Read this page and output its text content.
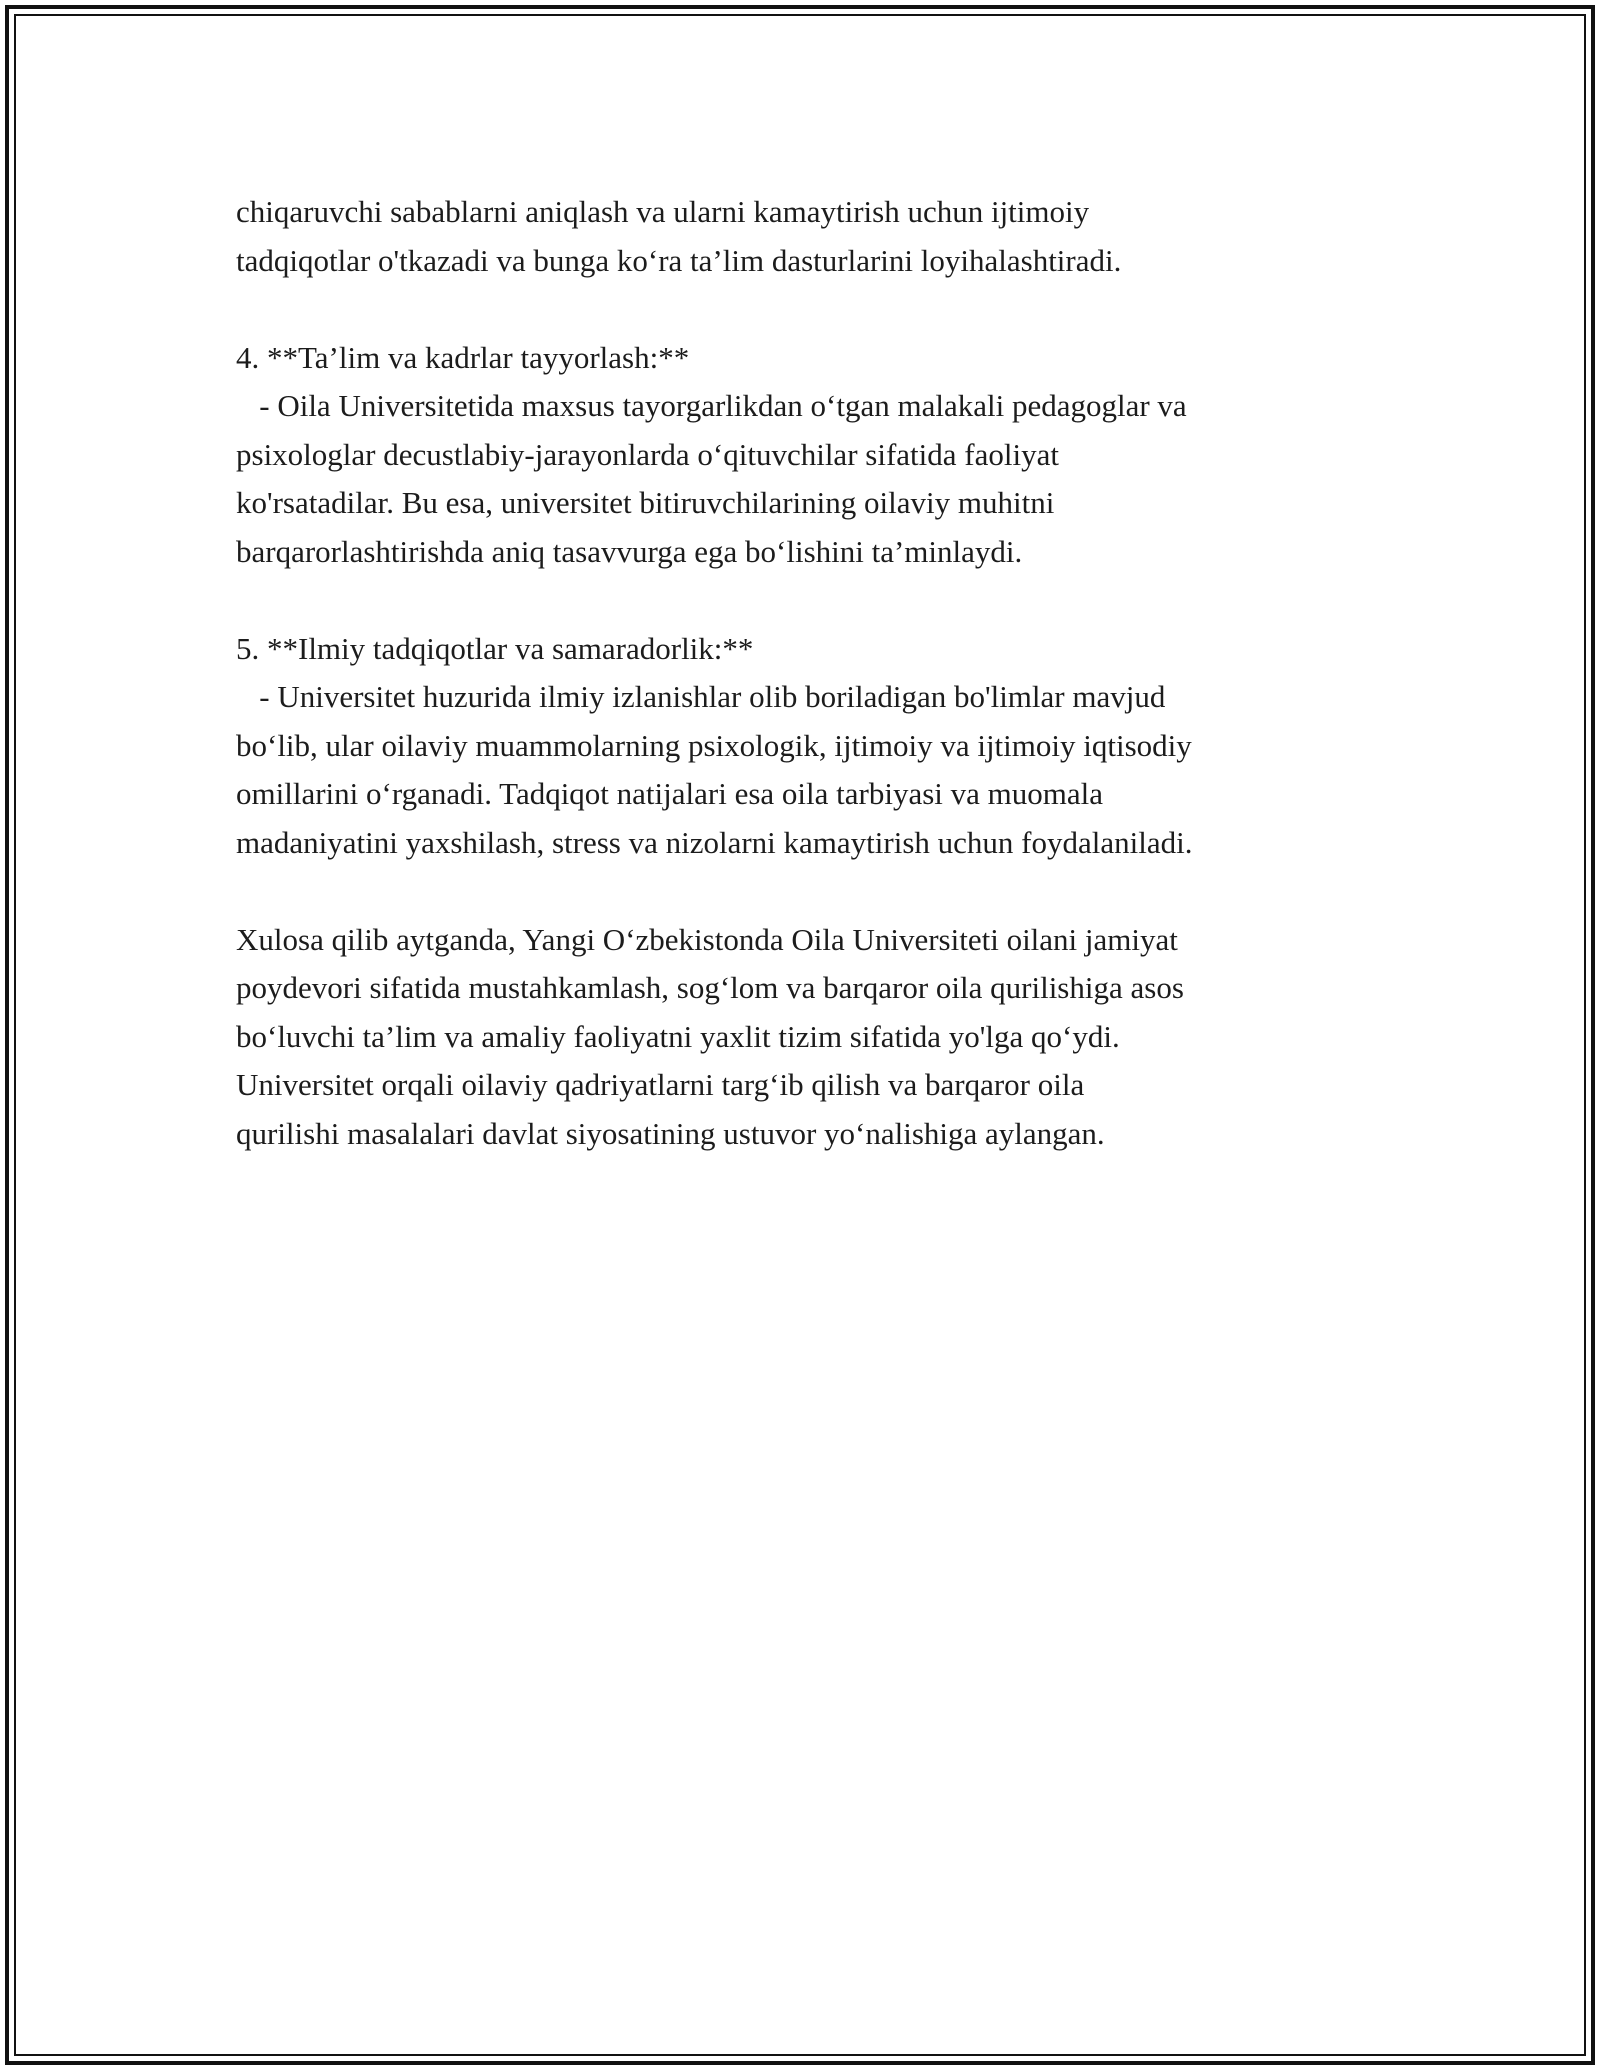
chiqaruvchi sabablarni aniqlash va ularni kamaytirish uchun ijtimoiy
tadqiqotlar o'tkazadi va bunga ko‘ra ta’lim dasturlarini loyihalashtiradi.

4. **Ta’lim va kadrlar tayyorlash:**
- Oila Universitetida maxsus tayorgarlikdan o‘tgan malakali pedagoglar va
psixologlar decustlabiy-jarayonlarda o‘qituvchilar sifatida faoliyat
ko'rsatadilar. Bu esa, universitet bitiruvchilarining oilaviy muhitni
barqarorlashtirishda aniq tasavvurga ega bo‘lishini ta’minlaydi.

5. **Ilmiy tadqiqotlar va samaradorlik:**
- Universitet huzurida ilmiy izlanishlar olib boriladigan bo'limlar mavjud
bo‘lib, ular oilaviy muammolarning psixologik, ijtimoiy va ijtimoiy iqtisodiy
omillarini o‘rganadi. Tadqiqot natijalari esa oila tarbiyasi va muomala
madaniyatini yaxshilash, stress va nizolarni kamaytirish uchun foydalaniladi.

Xulosa qilib aytganda, Yangi O‘zbekistonda Oila Universiteti oilani jamiyat
poydevori sifatida mustahkamlash, sog‘lom va barqaror oila qurilishiga asos
bo‘luvchi ta’lim va amaliy faoliyatni yaxlit tizim sifatida yo'lga qo‘ydi.
Universitet orqali oilaviy qadriyatlarni targ‘ib qilish va barqaror oila
qurilishi masalalari davlat siyosatining ustuvor yo‘nalishiga aylangan.
